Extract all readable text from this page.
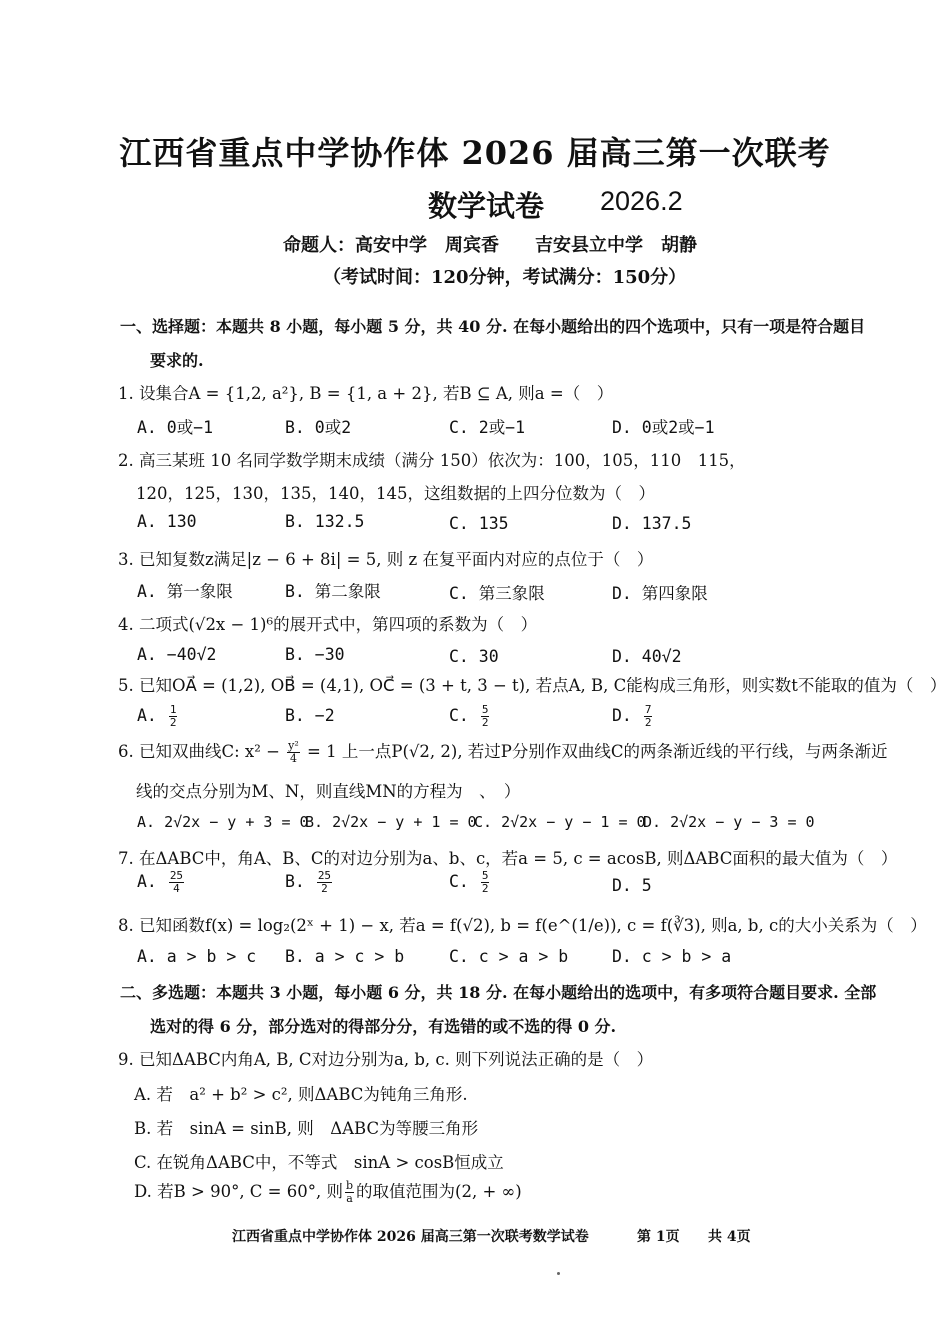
江西省重点中学协作体 2026 届高三第一次联考
数学试卷 2026.2
命题人：高安中学　周宾香　　吉安县立中学　胡静
（考试时间：120分钟，考试满分：150分）
一、选择题：本题共 8 小题，每小题 5 分，共 40 分. 在每小题给出的四个选项中，只有一项是符合题目
要求的.
1. 设集合A = {1,2, a²}, B = {1, a + 2}, 若B ⊆ A, 则a =（　）
A. 0或−1	B. 0或2	C. 2或−1	D. 0或2或−1
2. 高三某班 10 名同学数学期末成绩（满分 150）依次为：100，105，110　115，
120，125，130，135，140，145，这组数据的上四分位数为（　）
A. 130	B. 132.5	C. 135	D. 137.5
3. 已知复数z满足|z − 6 + 8i| = 5, 则 z 在复平面内对应的点位于（　）
A. 第一象限	B. 第二象限	C. 第三象限	D. 第四象限
4. 二项式(√2x − 1)⁶的展开式中，第四项的系数为（　）
A. −40√2	B. −30	C. 30	D. 40√2
5. 已知OA⃗ = (1,2), OB⃗ = (4,1), OC⃗ = (3 + t, 3 − t), 若点A, B, C能构成三角形，则实数t不能取的值为（　）
A. $\frac{1}{2}$	B. −2	C. $\frac{5}{2}$	D. $\frac{7}{2}$
6. 已知双曲线C: $x^2 - \frac{\text{y²}}{4} = 1$ 上一点P(√2, 2), 若过P分别作双曲线C的两条渐近线的平行线，与两条渐近
线的交点分别为M、N，则直线MN的方程为　、　）
A. 2√2x − y + 3 = 0
B. 2√2x − y + 1 = 0
C. 2√2x − y − 1 = 0
D. 2√2x − y − 3 = 0
7. 在ΔABC中，角A、B、C的对边分别为a、b、c，若a = 5, c = acosB, 则ΔABC面积的最大值为（　）
A. $\frac{25}{4}$	B. $\frac{25}{2}$	C. $\frac{5}{2}$	D. 5
8. 已知函数f(x) = log₂(2ˣ + 1) − x, 若a = f(√2), b = f(e^(1/e)), c = f(∛3), 则a, b, c的大小关系为（　）
A. a > b > c B. a > c > b	C. c > a > b	D. c > b > a
二、多选题：本题共 3 小题，每小题 6 分，共 18 分. 在每小题给出的选项中，有多项符合题目要求. 全部
选对的得 6 分，部分选对的得部分分，有选错的或不选的得 0 分.
9. 已知ΔABC内角A, B, C对边分别为a, b, c. 则下列说法正确的是（　）
A. 若　a² + b² > c², 则ΔABC为钝角三角形.
B. 若　sinA = sinB, 则　ΔABC为等腰三角形
C. 在锐角ΔABC中，不等式　sinA > cosB恒成立
D. 若B > 90°, C = 60°, 则 $\frac{b}{a}$ 的取值范围为(2, + ∞)
江西省重点中学协作体 2026 届高三第一次联考数学试卷	第 1页 共 4页
